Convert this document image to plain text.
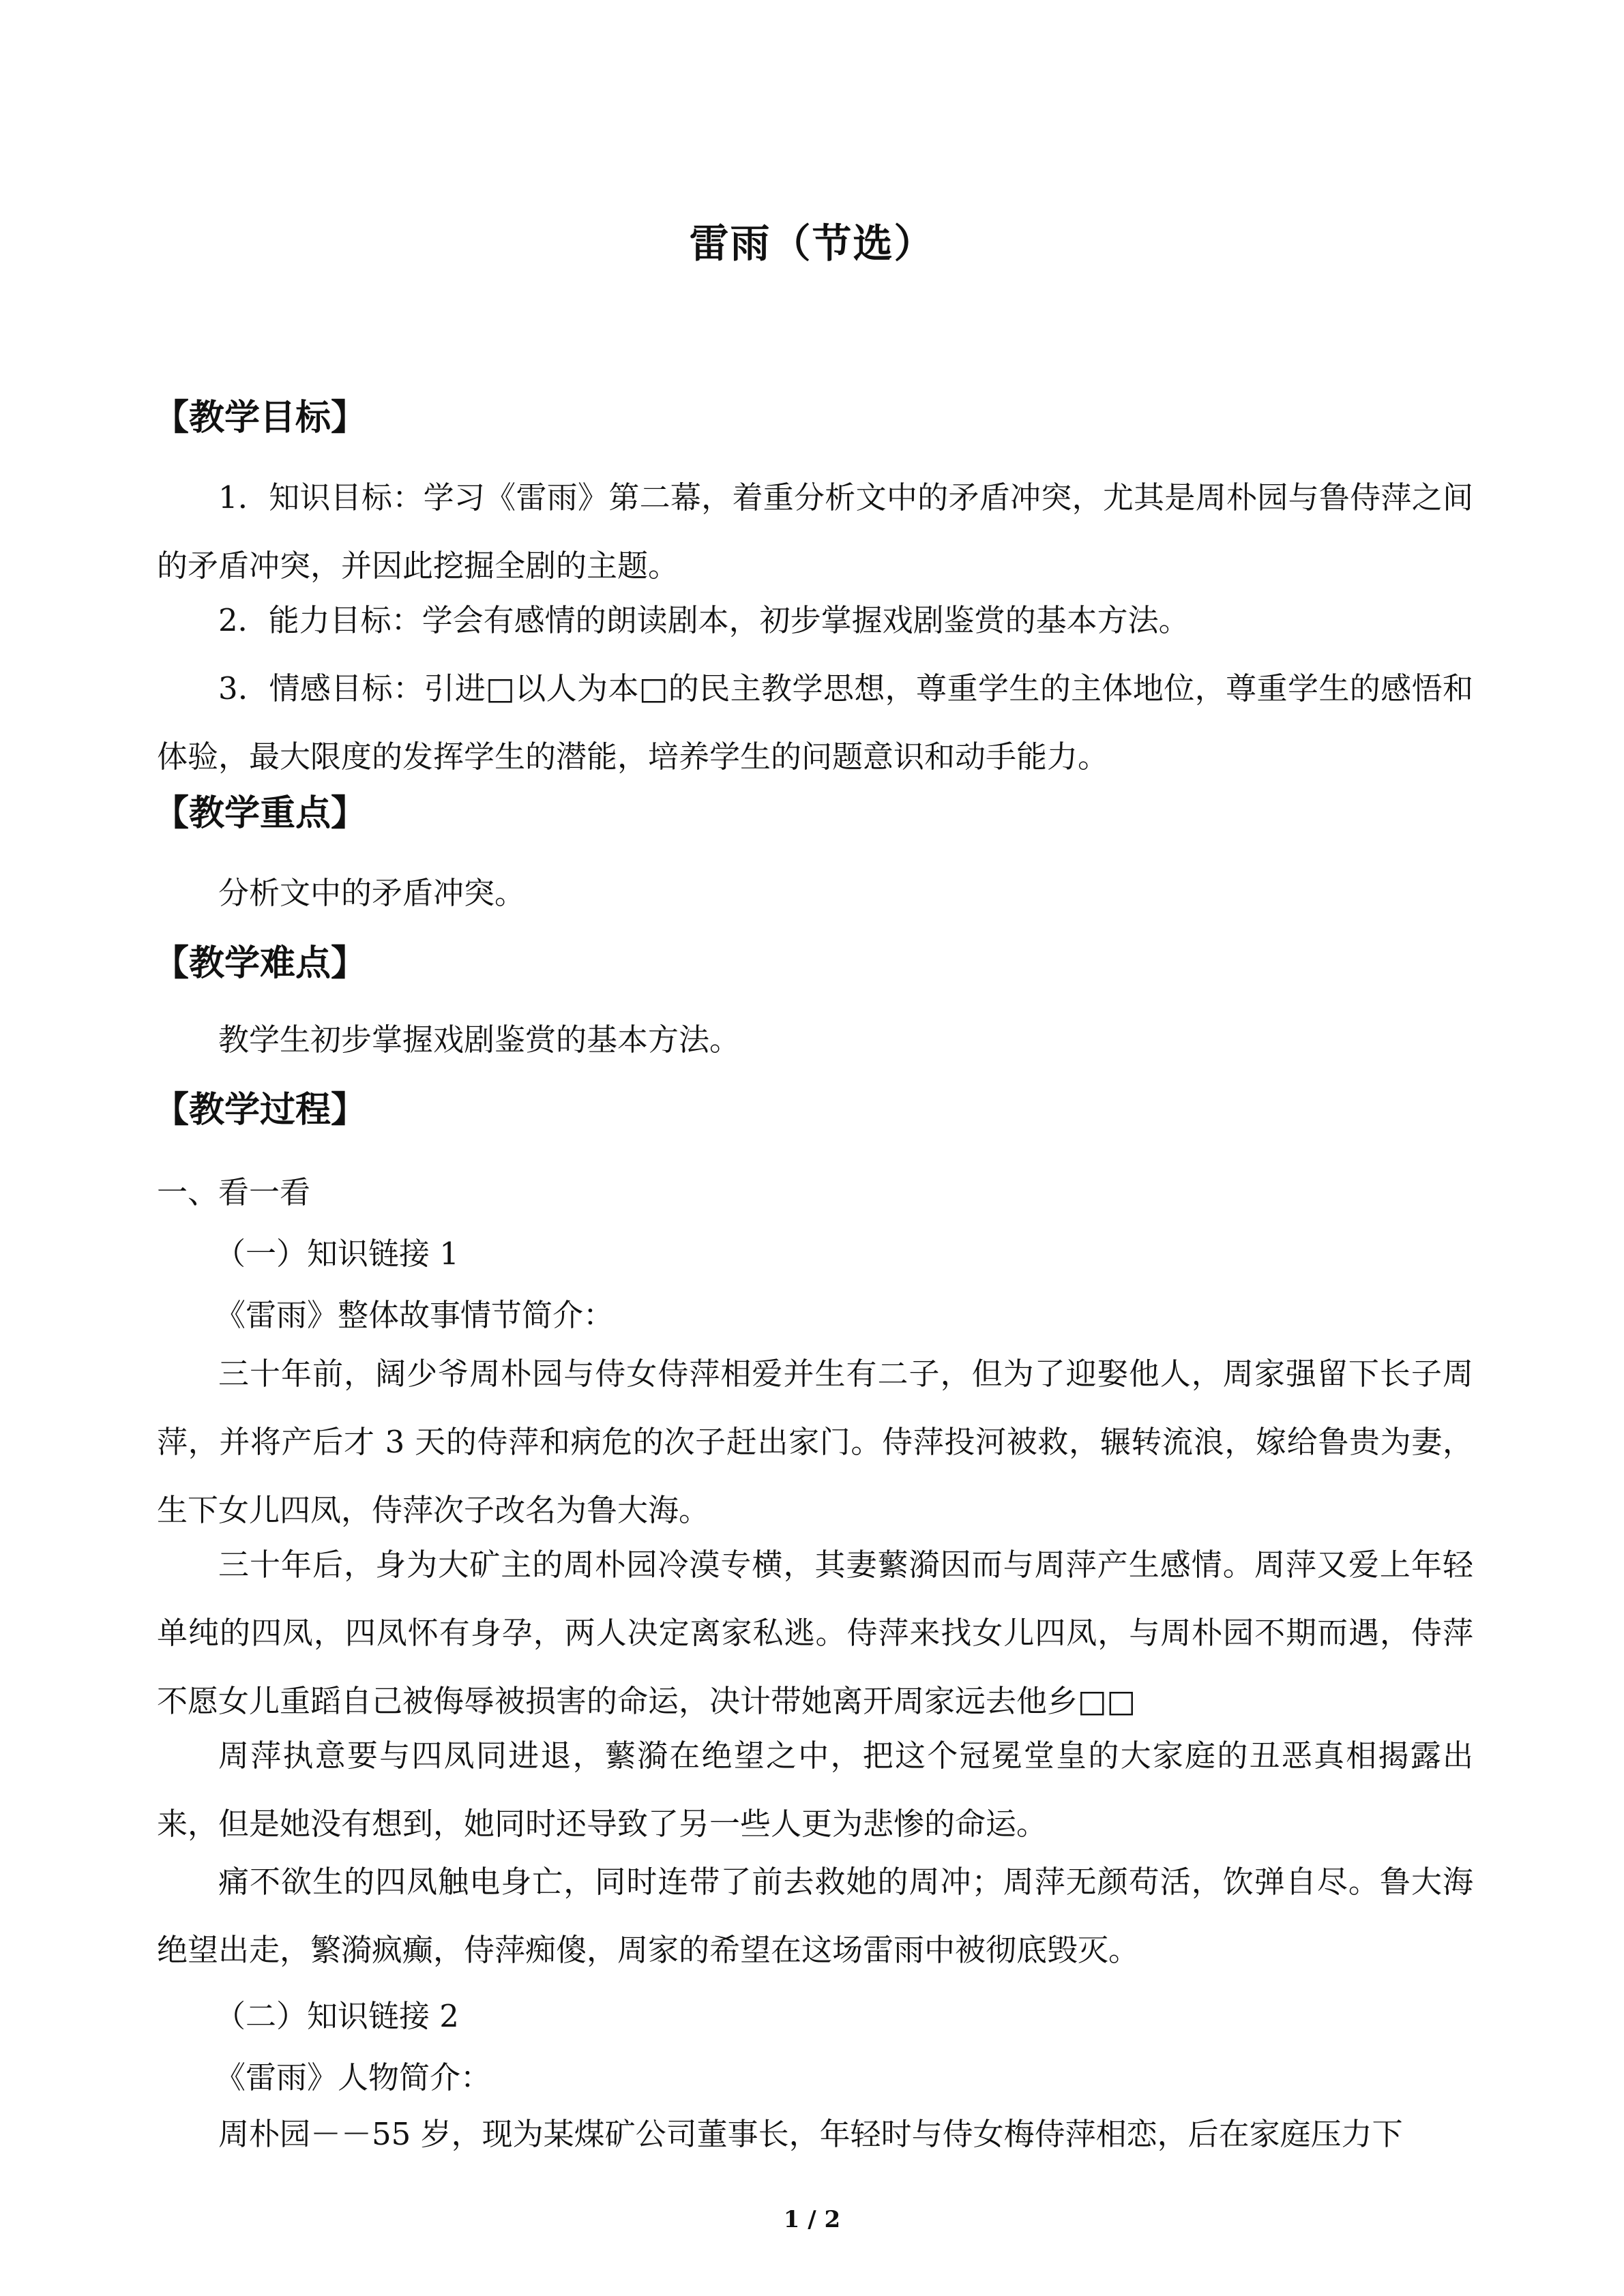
雷雨（节选）
【教学目标】
1．知识目标：学习《雷雨》第二幕，着重分析文中的矛盾冲突，尤其是周朴园与鲁侍萍之间的矛盾冲突，并因此挖掘全剧的主题。
2．能力目标：学会有感情的朗读剧本，初步掌握戏剧鉴赏的基本方法。
3．情感目标：引进□以人为本□的民主教学思想，尊重学生的主体地位，尊重学生的感悟和体验，最大限度的发挥学生的潜能，培养学生的问题意识和动手能力。
【教学重点】
分析文中的矛盾冲突。
【教学难点】
教学生初步掌握戏剧鉴赏的基本方法。
【教学过程】
一、看一看
（一）知识链接 1
《雷雨》整体故事情节简介：
三十年前，阔少爷周朴园与侍女侍萍相爱并生有二子，但为了迎娶他人，周家强留下长子周萍，并将产后才 3 天的侍萍和病危的次子赶出家门。侍萍投河被救，辗转流浪，嫁给鲁贵为妻，生下女儿四凤，侍萍次子改名为鲁大海。
三十年后，身为大矿主的周朴园冷漠专横，其妻蘩漪因而与周萍产生感情。周萍又爱上年轻单纯的四凤，四凤怀有身孕，两人决定离家私逃。侍萍来找女儿四凤，与周朴园不期而遇，侍萍不愿女儿重蹈自己被侮辱被损害的命运，决计带她离开周家远去他乡□□
周萍执意要与四凤同进退，蘩漪在绝望之中，把这个冠冕堂皇的大家庭的丑恶真相揭露出来，但是她没有想到，她同时还导致了另一些人更为悲惨的命运。
痛不欲生的四凤触电身亡，同时连带了前去救她的周冲；周萍无颜苟活，饮弹自尽。鲁大海绝望出走，繁漪疯癫，侍萍痴傻，周家的希望在这场雷雨中被彻底毁灭。
（二）知识链接 2
《雷雨》人物简介：
周朴园－－55 岁，现为某煤矿公司董事长，年轻时与侍女梅侍萍相恋，后在家庭压力下
1 / 2
